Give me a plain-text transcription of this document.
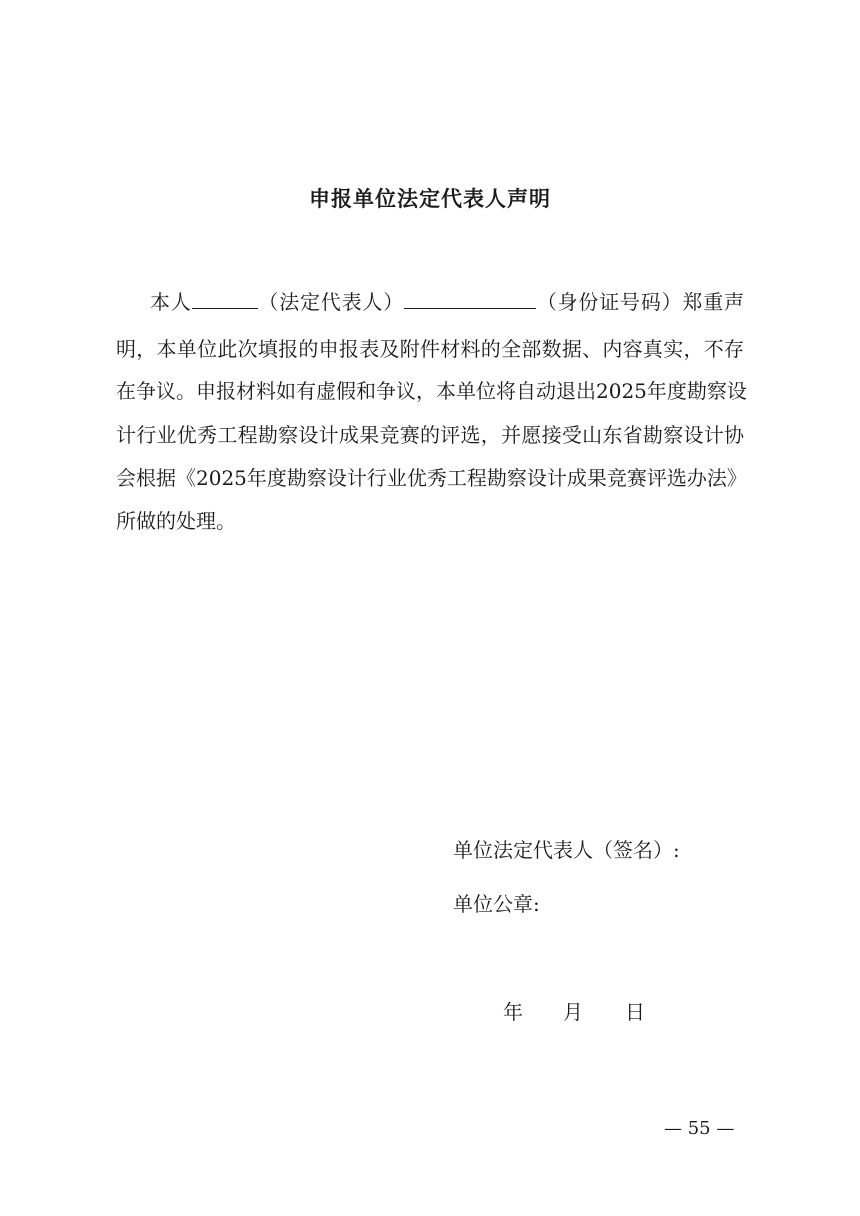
申报单位法定代表人声明
本人	（法定代表人）	（身份证号码）郑重声
明，本单位此次填报的申报表及附件材料的全部数据、内容真实，不存
在争议。申报材料如有虚假和争议，本单位将自动退出2025年度勘察设
计行业优秀工程勘察设计成果竞赛的评选，并愿接受山东省勘察设计协
会根据《2025年度勘察设计行业优秀工程勘察设计成果竞赛评选办法》
所做的处理。
单位法定代表人（签名）:
单位公章:
年 月 日
— 55 —
